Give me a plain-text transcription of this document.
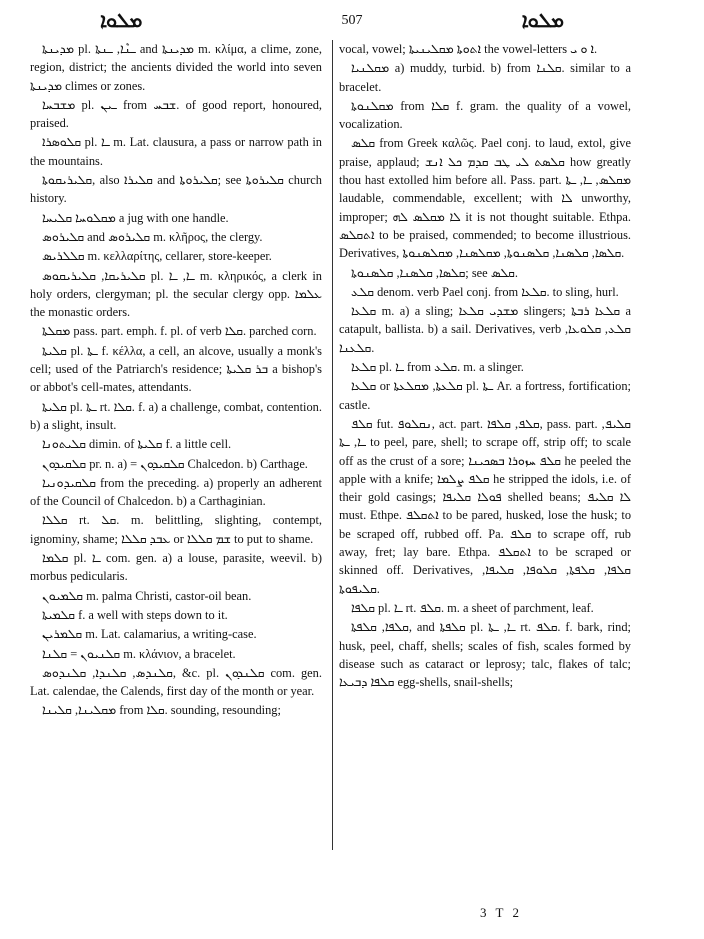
ܡܠܘܐ	507	ܡܠܘܐ

ܡܕܝܢܬܐ pl. ـܢܶܐ, ـܢܬܐ and ܡܕܝܢܬܐ m. κλίμα, a clime, zone, region, district; the ancients divided the world into seven ܡܕܝܢܬܐ climes or zones.

ܡܫܒܚܐ pl. ـܝܢ from ܫܒܚ. of good report, honoured, praised.

ܩܠܘܣܪܐ pl. ـܐ m. Lat. clausura, a pass or narrow path in the mountains.

ܩܠܝܪܝܩܘܬܐ, also ܩܠܝܪܐ and ܩܠܝܪܘܬܐ; see ܩܠܝܪܘܬܐ church history.

ܡܩܠܘܚܐ ܩܠܝܚܐ a jug with one handle.

ܩܠܝܪܘܣ and ܩܠܝܪܘܣ m. κλῆρος, the clergy.

ܩܠܠܪܝܣ m. κελλαρίτης, cellarer, store-keeper.

ܩܠܝܪܝܩܐ, ܩܠܝܪܝܩܘܣ pl. ـܐ, ـܐ m. κληρικός, a clerk in holy orders, clergyman; pl. the secular clergy opp. ܥܠܡܐ the monastic orders.

ܡܩܠܬܐ pass. part. emph. f. pl. of verb ܩܠܐ. parched corn.

ܩܠܝܬܐ pl. ـܬܐ f. κέλλα, a cell, an alcove, usually a monk's cell; used of the Patriarch's residence; ܒܪ ܩܠܝܬܐ a bishop's or abbot's cell-mates, attendants.

ܩܠܝܬܐ pl. ـܬܐ rt. ܩܠܐ. f. a) a challenge, combat, contention. b) a slight, insult.

ܩܠܝܬܘܢܐ dimin. of ܩܠܝܬܐ f. a little cell.

ܩܠܩܝܕܘܢ pr. n. a) = ܩܠܩܝܕܘܢ Chalcedon. b) Carthage.

ܩܠܩܝܕܘܢܝܐ from the preceding. a) properly an adherent of the Council of Chalcedon. b) a Carthaginian.

ܩܠܠܐ rt. ܩܠ. m. belittling, slighting, contempt, ignominy, shame; ܥܒܕ ܩܠܠܐ or ܫܡ ܩܠܠܐ to put to shame.

ܩܠܡܐ pl. ـܐ com. gen. a) a louse, parasite, weevil. b) morbus pedicularis.

ܩܠܡܝܘܢ m. palma Christi, castor-oil bean.

ܩܠܡܝܬܐ f. a well with steps down to it.

ܩܠܡܪܝܢ m. Lat. calamarius, a writing-case.

ܩܠܢܝܘܢ = ܩܠܢܐ m. κλάνιον, a bracelet.

ܩܠܢܕܣ, ܩܠܢܕܐ, ܩܠܢܕܘܣ, &c. pl. ܩܠܢܕܘܢ com. gen. Lat. calendae, the Calends, first day of the month or year.

ܡܩܠܝܢܐ, ܩܠܝܢܐ from ܩܠܐ. sounding, resounding;

vocal, vowel; ܐܬܘܬܐ ܡܩܠܝܢܝܬܐ the vowel-letters ܐ ܘ ܝ.

ܡܩܠܢܝܐ a) muddy, turbid. b) from ܩܠܢܐ. similar to a bracelet.

ܡܩܠܢܘܬܐ from ܩܠܐ f. gram. the quality of a vowel, vocalization.

ܩܠܣ from Greek καλῶς. Pael conj. to laud, extol, give praise, applaud; ܩܠܣܬ ܠܝ ܛܒ ܩܕܡ ܟܠ ܐܢܫ how greatly thou hast extolled him before all. Pass. part. ܡܩܠܣ, ـܐ, ـܬܐ laudable, commendable, excellent; with ܠܐ unworthy, improper; ܠܐ ܡܩܠܣ ܠܗ it is not thought suitable. Ethpa. ܐܬܩܠܣ to be praised, commended; to become illustrious. Derivatives, ܩܠܣܐ, ܩܠܣܢܐ, ܩܠܣܢܘܬܐ, ܡܩܠܣܢܐ, ܡܩܠܣܢܘܬܐ.

ܩܠܣܐ, ܩܠܣܢܐ, ܩܠܣܢܘܬܐ; see ܩܠܣ.

ܩܠܥ denom. verb Pael conj. from ܩܠܥܐ. to sling, hurl.

ܩܠܥܐ m. a) a sling; ܡܫܕܝ ܩܠܥܐ slingers; ܩܠܥܐ ܪܒܬܐ a catapult, ballista. b) a sail. Derivatives, verb ܩܠܥ, ܩܠܘܥܐ, ܩܠܥܢܐ.

ܩܠܥܐ pl. ـܐ from ܩܠܥ. m. a slinger.

ܩܠܥܐ or ܩܠܥܬܐ, ܡܩܠܥܬܐ pl. ـܬܐ Ar. a fortress, fortification; castle.

ܩܠܦ fut. ܢܩܠܘܦ, act. part. ܩܠܦ, ܩܠܦܐ, pass. part. ܩܠܝܦ, ـܐ, ـܬܐ to peel, pare, shell; to scrape off, strip off; to scale off as the crust of a sore; ܩܠܦ ܚܙܘܪܐ ܒܣܟܝܢܐ he peeled the apple with a knife; ܩܠܦ ܨܠܡܐ he stripped the idols, i.e. of their gold casings; ܦܘܠܐ ܩܠܝܦܐ shelled beans; ܠܐ ܩܠܝܦ must. Ethpe. ܐܬܩܠܦ to be pared, husked, lose the husk; to be scraped off, rubbed off. Pa. ܩܠܦ to scrape off, rub away, fret; lay bare. Ethpa. ܐܬܩܠܦ to be scraped or skinned off. Derivatives, ܩܠܦܐ, ܩܠܦܬܐ, ܩܠܘܦܐ, ܩܠܝܦܐ, ܩܠܝܦܘܬܐ.

ܩܠܦܐ pl. ـܐ rt. ܩܠܦ. m. a sheet of parchment, leaf.

ܩܠܦܐ, ܩܠܦܬܐ, and ܩܠܦܬܐ pl. ـܐ, ـܬܐ rt. ܩܠܦ. f. bark, rind; husk, peel, chaff, shells; scales of fish, scales formed by disease such as cataract or leprosy; talc, flakes of talc; ܩܠܦܐ ܕܒܝܥܐ egg-shells, snail-shells;

3 T 2
